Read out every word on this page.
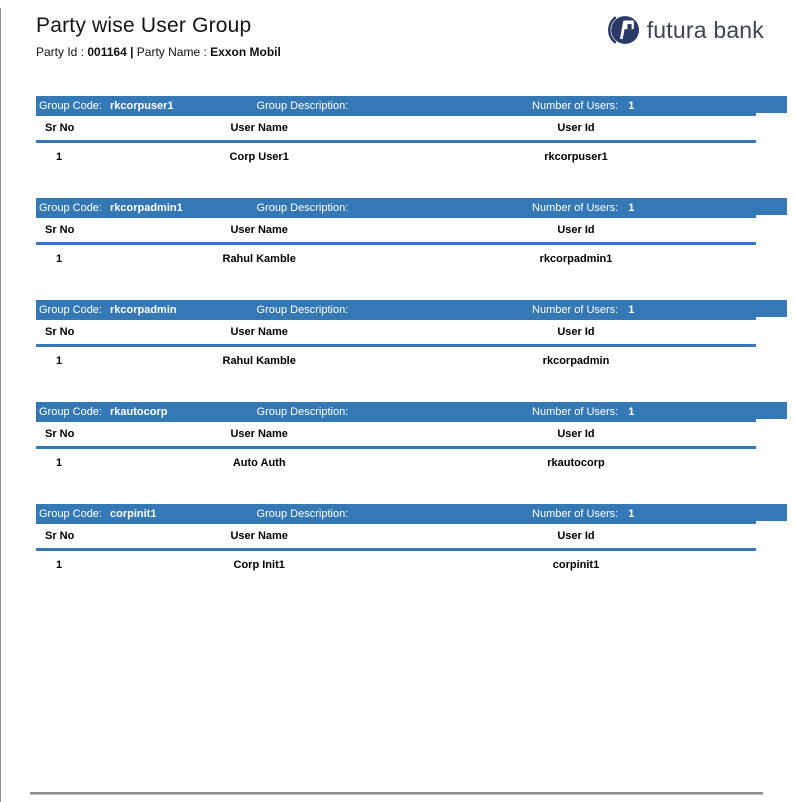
Party wise User Group
Party Id : 001164 | Party Name : Exxon Mobil
futura bank
Group Code: rkcorpuser1	Group Description:	Number of Users: 1
Sr No	User Name	User Id
1	Corp User1	rkcorpuser1
Group Code: rkcorpadmin1	Group Description:	Number of Users: 1
Sr No	User Name	User Id
1	Rahul Kamble	rkcorpadmin1
Group Code: rkcorpadmin	Group Description:	Number of Users: 1
Sr No	User Name	User Id
1	Rahul Kamble	rkcorpadmin
Group Code: rkautocorp	Group Description:	Number of Users: 1
Sr No	User Name	User Id
1	Auto Auth	rkautocorp
Group Code: corpinit1	Group Description:	Number of Users: 1
Sr No	User Name	User Id
1	Corp Init1	corpinit1
